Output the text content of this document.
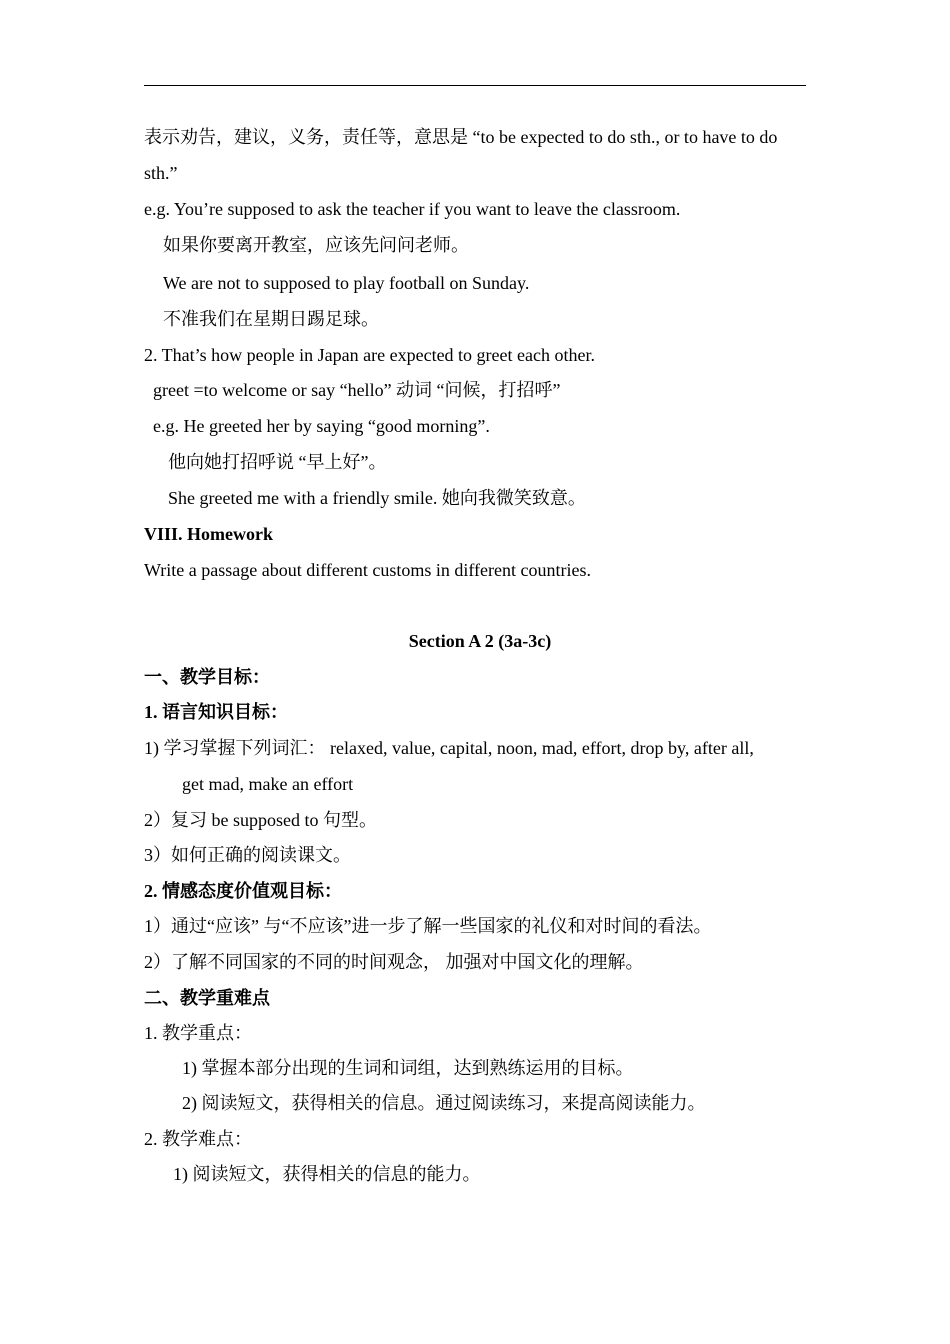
表示劝告，建议，义务，责任等，意思是 “to be expected to do sth., or to have to do
sth.”
e.g. You’re supposed to ask the teacher if you want to leave the classroom.
如果你要离开教室，应该先问问老师。
We are not to supposed to play football on Sunday.
不准我们在星期日踢足球。
2. That’s how people in Japan are expected to greet each other.
greet =to welcome or say “hello” 动词 “问候，打招呼”
e.g. He greeted her by saying “good morning”.
他向她打招呼说 “早上好”。
She greeted me with a friendly smile. 她向我微笑致意。
VIII. Homework
Write a passage about different customs in different countries.
Section A 2 (3a-3c)
一、教学目标：
1. 语言知识目标：
1) 学习掌握下列词汇： relaxed, value, capital, noon, mad, effort, drop by, after all,
get mad, make an effort
2）复习 be supposed to 句型。
3）如何正确的阅读课文。
2. 情感态度价值观目标：
1）通过“应该” 与“不应该”进一步了解一些国家的礼仪和对时间的看法。
2）了解不同国家的不同的时间观念， 加强对中国文化的理解。
二、教学重难点
1. 教学重点：
1) 掌握本部分出现的生词和词组，达到熟练运用的目标。
2) 阅读短文，获得相关的信息。通过阅读练习，来提高阅读能力。
2. 教学难点：
1) 阅读短文，获得相关的信息的能力。
